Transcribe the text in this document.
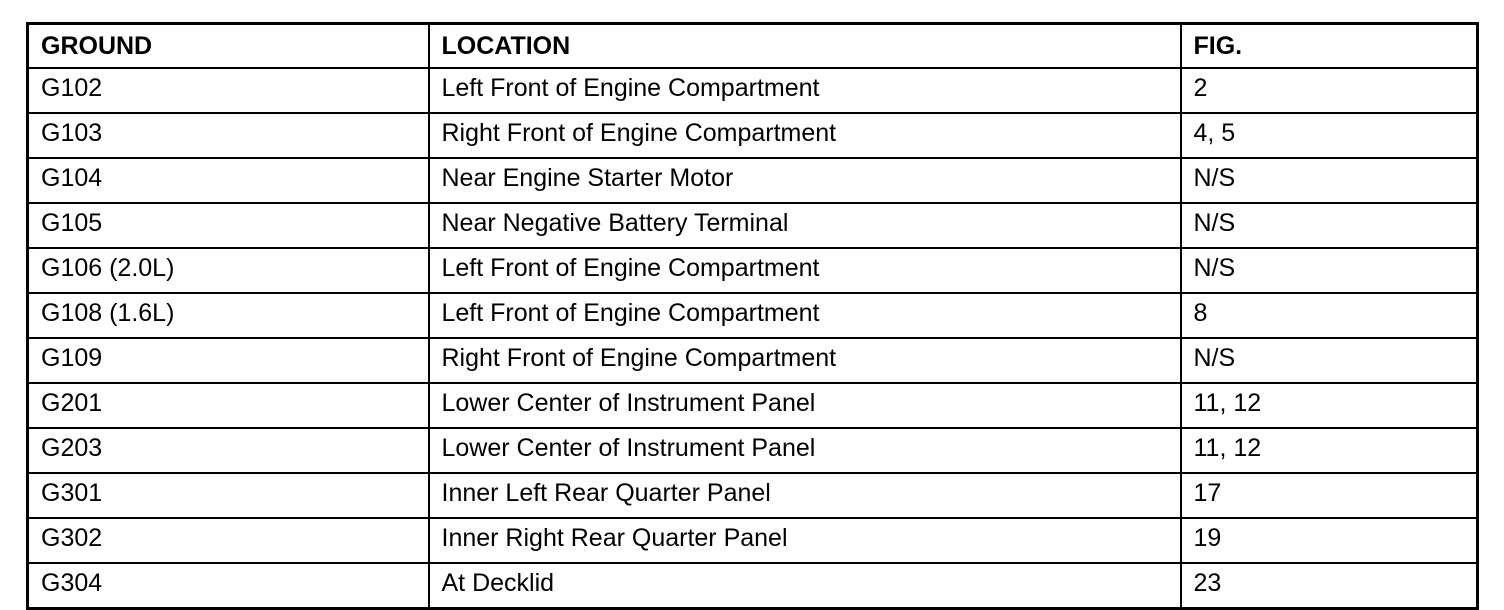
GROUND	LOCATION	FIG.
G102	Left Front of Engine Compartment	2
G103	Right Front of Engine Compartment	4, 5
G104	Near Engine Starter Motor	N/S
G105	Near Negative Battery Terminal	N/S
G106 (2.0L)	Left Front of Engine Compartment	N/S
G108 (1.6L)	Left Front of Engine Compartment	8
G109	Right Front of Engine Compartment	N/S
G201	Lower Center of Instrument Panel	11, 12
G203	Lower Center of Instrument Panel	11, 12
G301	Inner Left Rear Quarter Panel	17
G302	Inner Right Rear Quarter Panel	19
G304	At Decklid	23
